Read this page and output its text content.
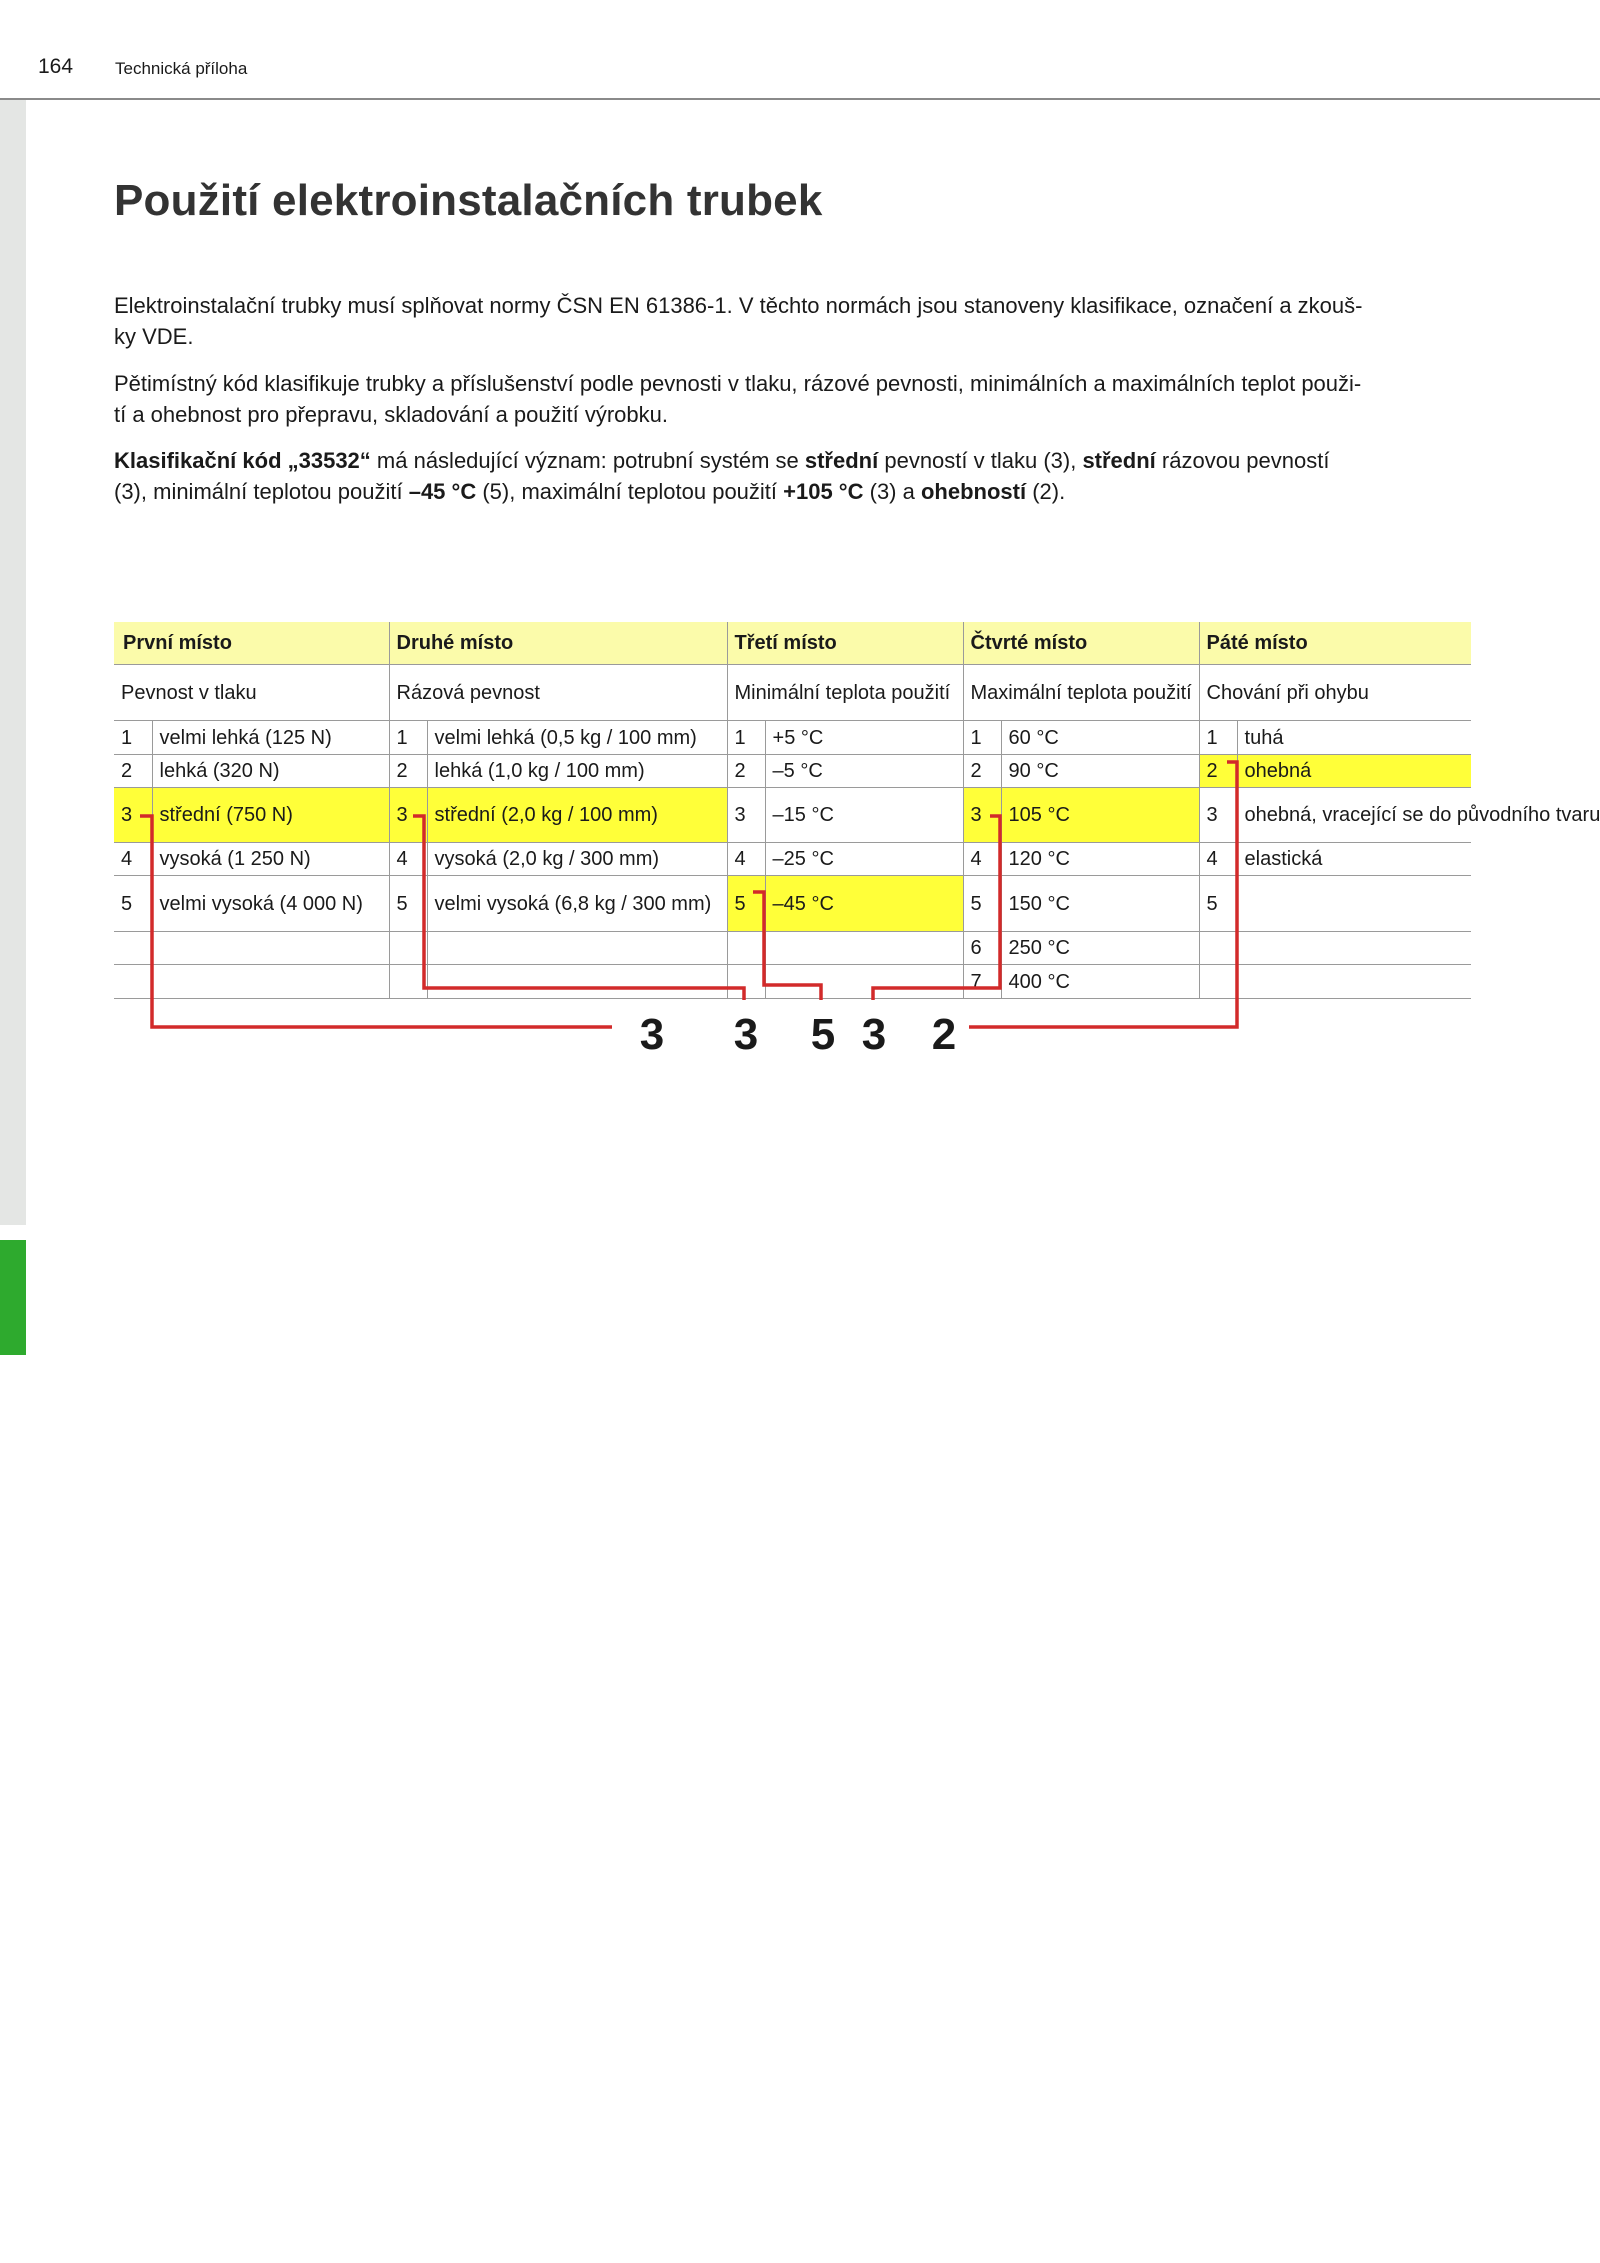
164 Technická příloha
Použití elektroinstalačních trubek

Elektroinstalační trubky musí splňovat normy ČSN EN 61386-1. V těchto normách jsou stanoveny klasifikace, označení a zkouš-
ky VDE.

Pětimístný kód klasifikuje trubky a příslušenství podle pevnosti v tlaku, rázové pevnosti, minimálních a maximálních teplot použi-
tí a ohebnost pro přepravu, skladování a použití výrobku.

Klasifikační kód „33532“ má následující význam: potrubní systém se střední pevností v tlaku (3), střední rázovou pevností
(3), minimální teplotou použití –45 °C (5), maximální teplotou použití +105 °C (3) a ohebností (2).

První místo		Druhé místo		Třetí místo		Čtvrté místo		Páté místo	
Pevnost v tlaku		Rázová pevnost		Minimální teplota použití		Maximální teplota použití		Chování při ohybu	
1	velmi lehká (125 N)	1	velmi lehká (0,5 kg / 100 mm)	1	+5 °C	1	60 °C	1	tuhá
2	lehká (320 N)	2	lehká (1,0 kg / 100 mm)	2	–5 °C	2	90 °C	2	ohebná
3	střední (750 N)	3	střední (2,0 kg / 100 mm)	3	–15 °C	3	105 °C	3	ohebná, vracející se do původního tvaru
4	vysoká (1 250 N)	4	vysoká (2,0 kg / 300 mm)	4	–25 °C	4	120 °C	4	elastická
5	velmi vysoká (4 000 N)	5	velmi vysoká (6,8 kg / 300 mm)	5	–45 °C	5	150 °C	5	
						6	250 °C		
						7	400 °C		
3 3 5 3 2
